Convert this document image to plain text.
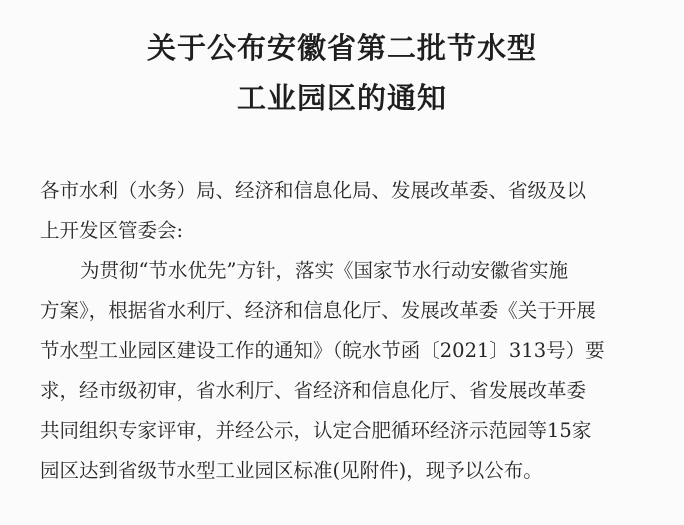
关于公布安徽省第二批节水型
工业园区的通知

各市水利（水务）局、经济和信息化局、发展改革委、省级及以

上开发区管委会:

为贯彻“节水优先”方针，落实《国家节水行动安徽省实施

方案》，根据省水利厅、经济和信息化厅、发展改革委《关于开展

节水型工业园区建设工作的通知》（皖水节函〔2021〕313号）要

求，经市级初审，省水利厅、省经济和信息化厅、省发展改革委

共同组织专家评审，并经公示，认定合肥循环经济示范园等15家

园区达到省级节水型工业园区标准(见附件)，现予以公布。
